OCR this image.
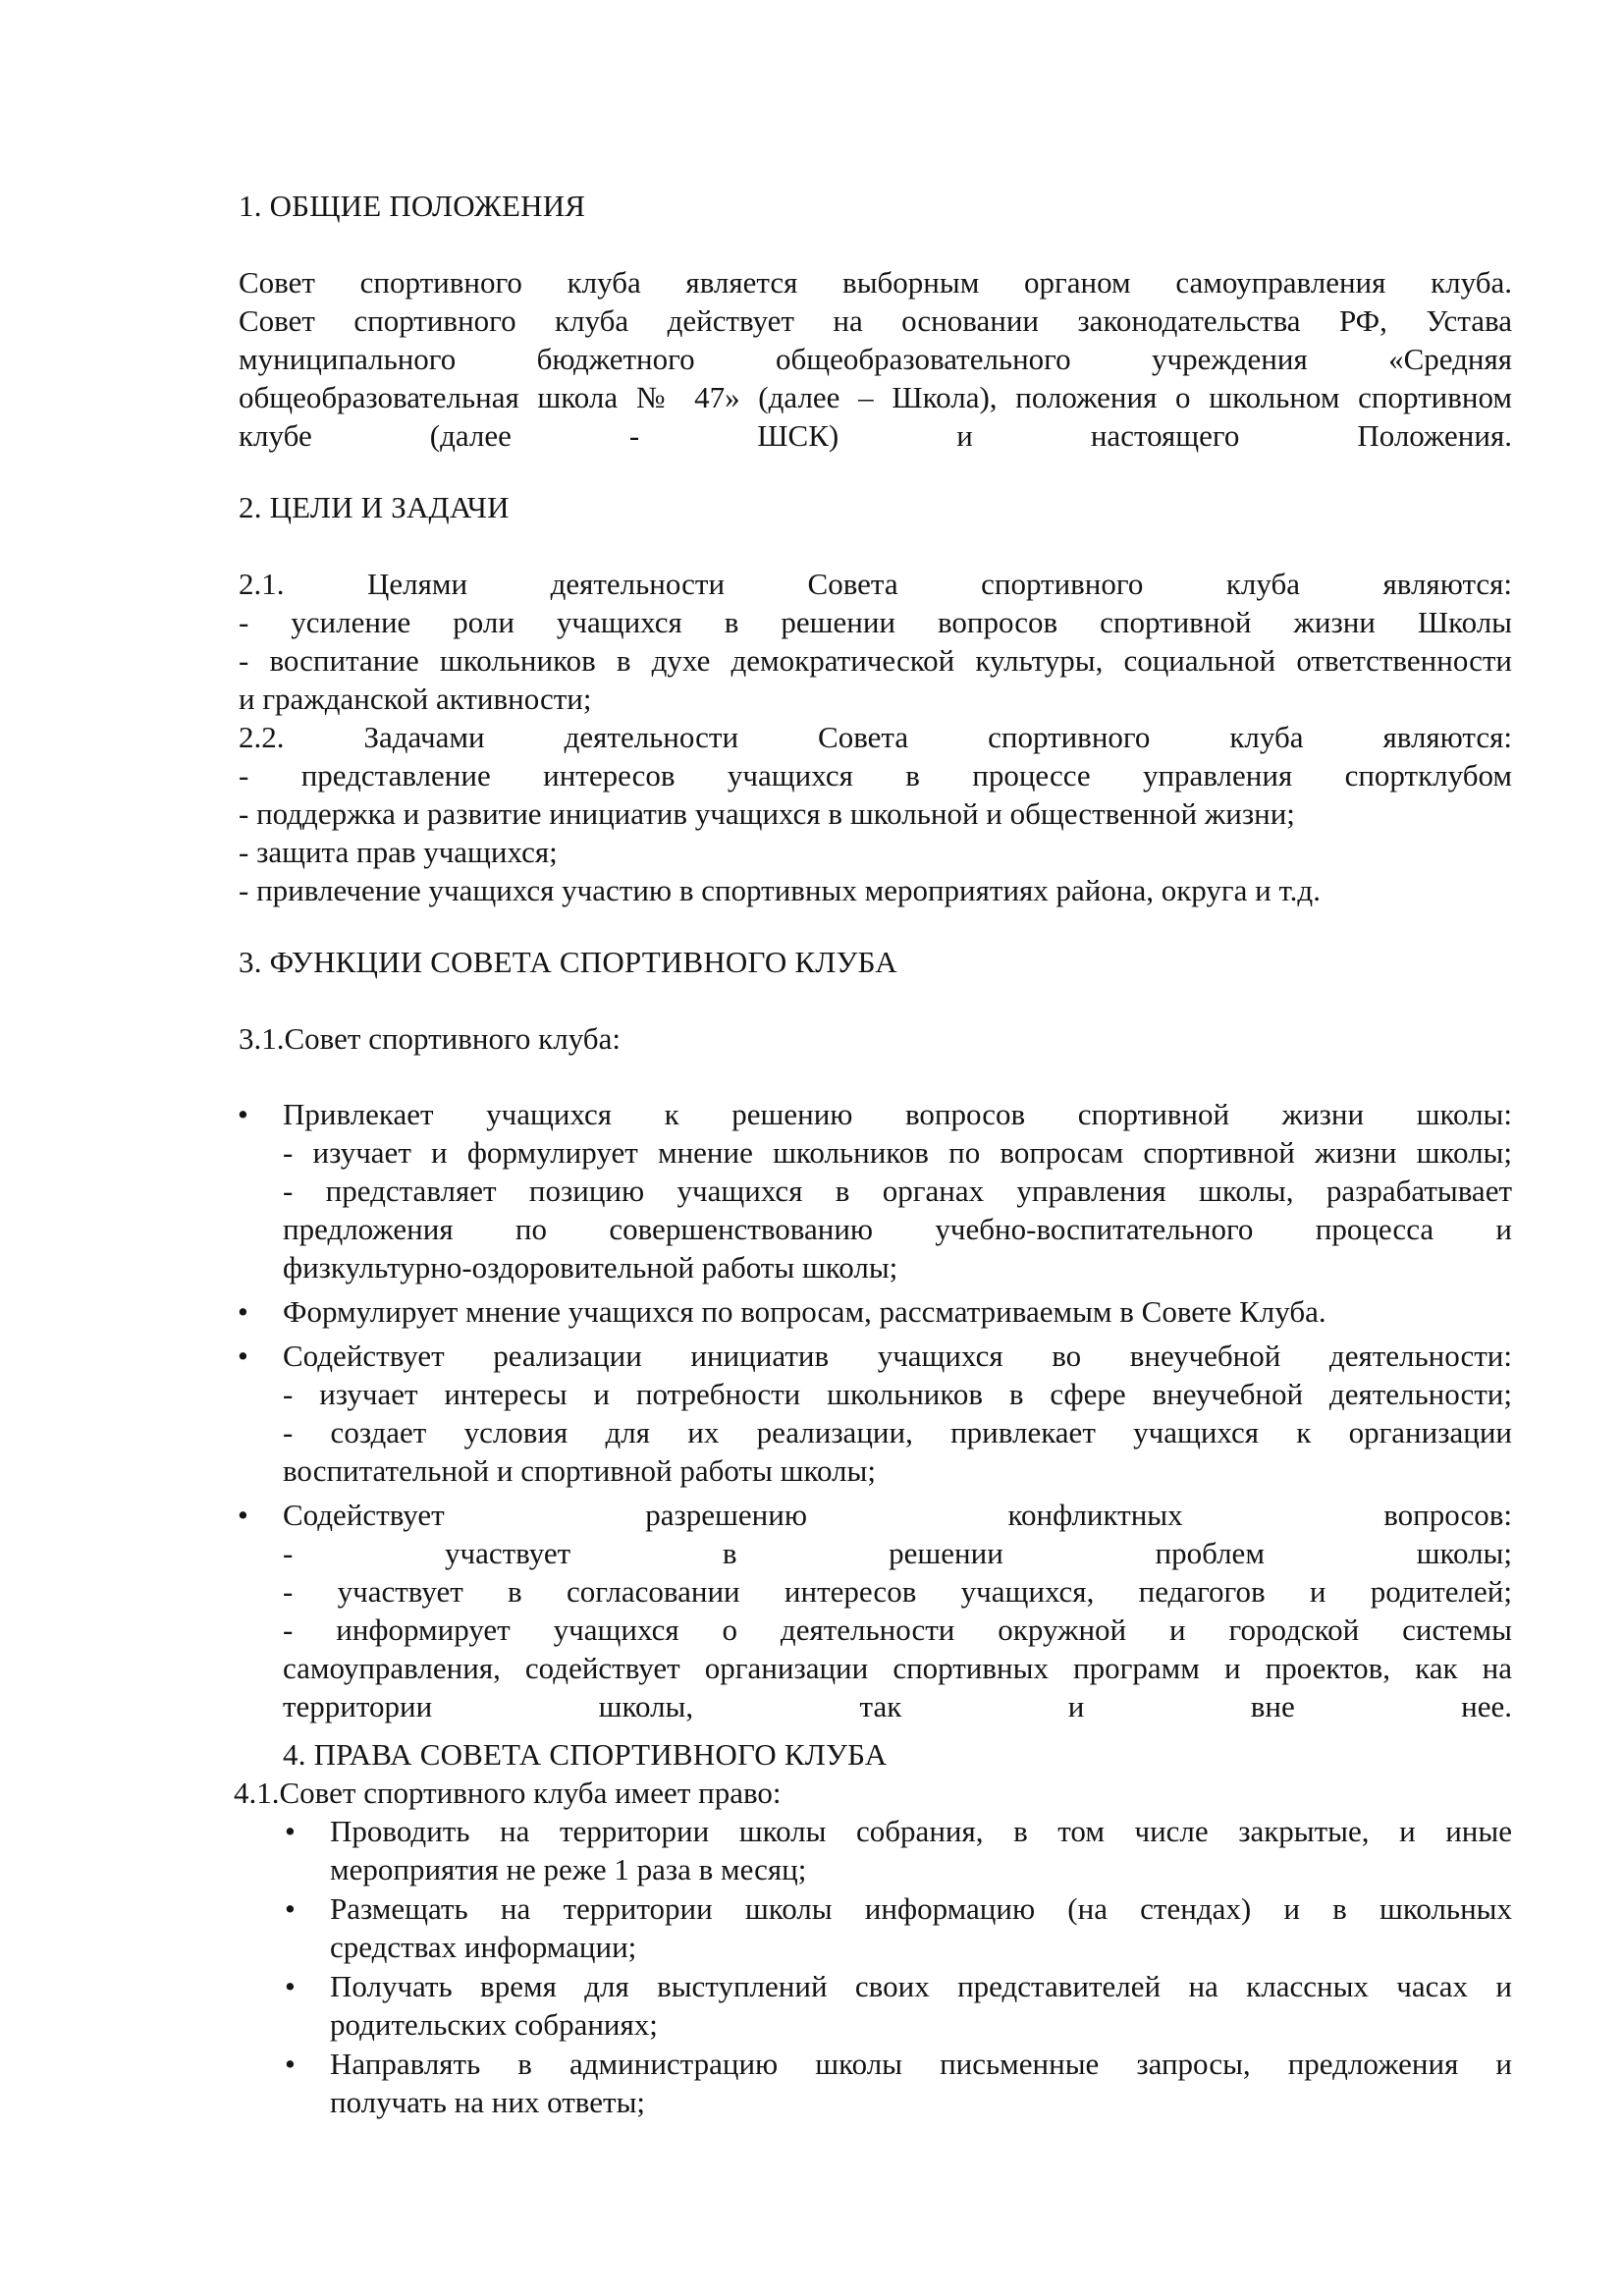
1. ОБЩИЕ ПОЛОЖЕНИЯ

Совет спортивного клуба является выборным органом самоуправления клуба.

Совет спортивного клуба действует на основании законодательства РФ, Устава

муниципального бюджетного общеобразовательного учреждения «Средняя

общеобразовательная школа № 47» (далее – Школа), положения о школьном спортивном

клубе (далее - ШСК) и настоящего Положения.

2. ЦЕЛИ И ЗАДАЧИ

2.1. Целями деятельности Совета спортивного клуба являются:

- усиление роли учащихся в решении вопросов спортивной жизни Школы

- воспитание школьников в духе демократической культуры, социальной ответственности

и гражданской активности;

2.2. Задачами деятельности Совета спортивного клуба являются:

- представление интересов учащихся в процессе управления спортклубом

- поддержка и развитие инициатив учащихся в школьной и общественной жизни;

- защита прав учащихся;

- привлечение учащихся участию в спортивных мероприятиях района, округа и т.д.

3. ФУНКЦИИ СОВЕТА СПОРТИВНОГО КЛУБА
3.1.Совет спортивного клуба:
• Привлекает учащихся к решению вопросов спортивной жизни школы:

- изучает и формулирует мнение школьников по вопросам спортивной жизни школы;

- представляет позицию учащихся в органах управления школы, разрабатывает

предложения по совершенствованию учебно-воспитательного процесса и

физкультурно-оздоровительной работы школы;

• Формулирует мнение учащихся по вопросам, рассматриваемым в Совете Клуба.

• Содействует реализации инициатив учащихся во внеучебной деятельности:

- изучает интересы и потребности школьников в сфере внеучебной деятельности;

- создает условия для их реализации, привлекает учащихся к организации

воспитательной и спортивной работы школы;

• Содействует разрешению конфликтных вопросов:

- участвует в решении проблем школы;

- участвует в согласовании интересов учащихся, педагогов и родителей;

- информирует учащихся о деятельности окружной и городской системы

самоуправления, содействует организации спортивных программ и проектов, как на

территории школы, так и вне нее.

4. ПРАВА СОВЕТА СПОРТИВНОГО КЛУБА
4.1.Совет спортивного клуба имеет право:
• Проводить на территории школы собрания, в том числе закрытые, и иные

мероприятия не реже 1 раза в месяц;

• Размещать на территории школы информацию (на стендах) и в школьных

средствах информации;

• Получать время для выступлений своих представителей на классных часах и

родительских собраниях;

• Направлять в администрацию школы письменные запросы, предложения и

получать на них ответы;
